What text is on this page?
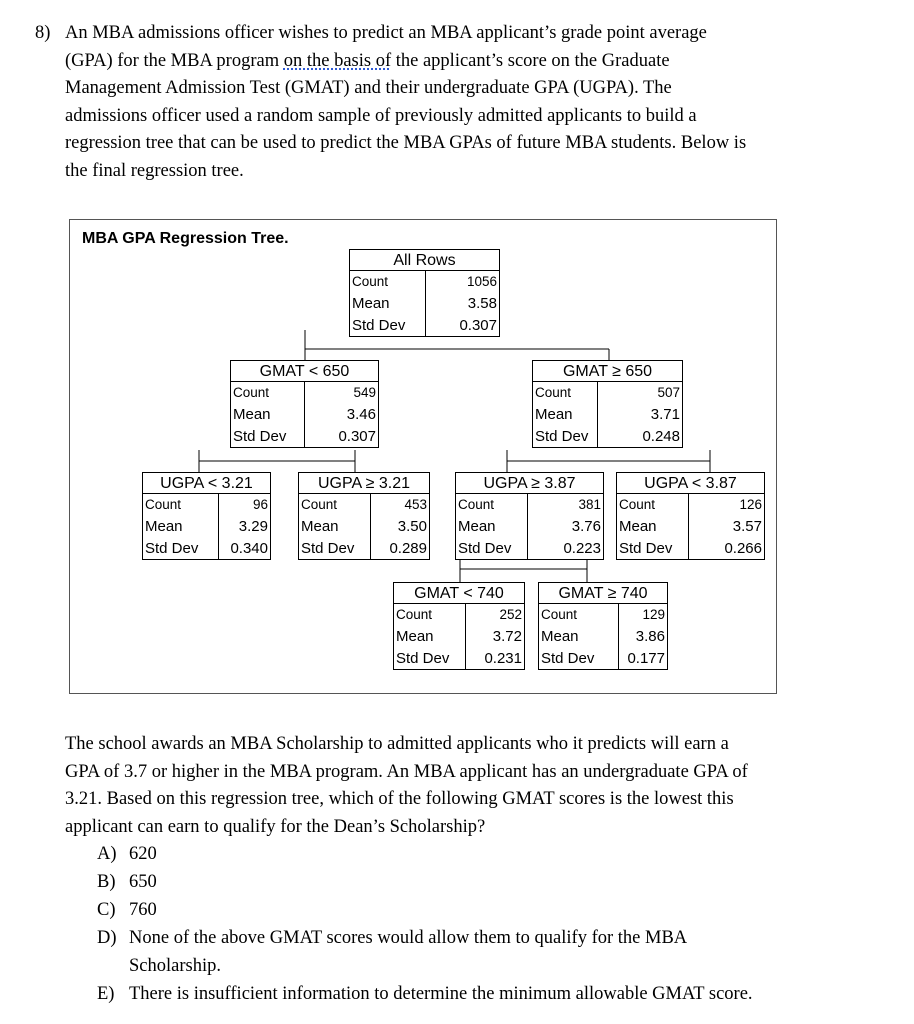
8) An MBA admissions officer wishes to predict an MBA applicant’s grade point average
(GPA) for the MBA program on the basis of the applicant’s score on the Graduate
Management Admission Test (GMAT) and their undergraduate GPA (UGPA). The
admissions officer used a random sample of previously admitted applicants to build a
regression tree that can be used to predict the MBA GPAs of future MBA students. Below is
the final regression tree.
MBA GPA Regression Tree.
All Rows
Count
Mean
Std Dev
1056
3.58
0.307
GMAT < 650
Count
Mean
Std Dev
549
3.46
0.307
GMAT ≥ 650
Count
Mean
Std Dev
507
3.71
0.248
UGPA < 3.21
Count
Mean
Std Dev
96
3.29
0.340
UGPA ≥ 3.21
Count
Mean
Std Dev
453
3.50
0.289
UGPA ≥ 3.87
Count
Mean
Std Dev
381
3.76
0.223
UGPA < 3.87
Count
Mean
Std Dev
126
3.57
0.266
GMAT < 740
Count
Mean
Std Dev
252
3.72
0.231
GMAT ≥ 740
Count
Mean
Std Dev
129
3.86
0.177
The school awards an MBA Scholarship to admitted applicants who it predicts will earn a
GPA of 3.7 or higher in the MBA program. An MBA applicant has an undergraduate GPA of
3.21. Based on this regression tree, which of the following GMAT scores is the lowest this
applicant can earn to qualify for the Dean’s Scholarship?
A) 620
B) 650
C) 760
D) None of the above GMAT scores would allow them to qualify for the MBA
Scholarship.
E) There is insufficient information to determine the minimum allowable GMAT score.
